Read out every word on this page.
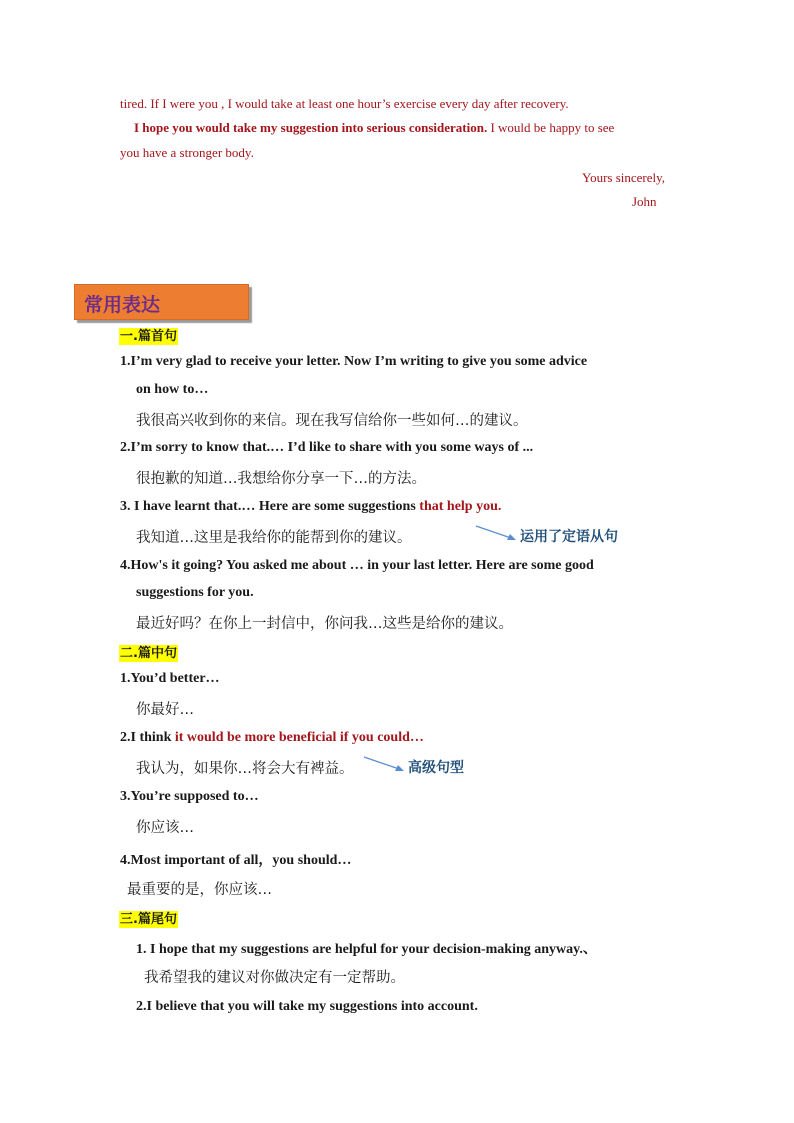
tired. If I were you , I would take at least one hour’s exercise every day after recovery.
I hope you would take my suggestion into serious consideration. I would be happy to see
you have a stronger body.
Yours sincerely,
John
常用表达
一.篇首句
1.I’m very glad to receive your letter. Now I’m writing to give you some advice
on how to…
我很高兴收到你的来信。现在我写信给你一些如何…的建议。
2.I’m sorry to know that.… I’d like to share with you some ways of ...
很抱歉的知道…我想给你分享一下…的方法。
3. I have learnt that.… Here are some suggestions that help you.
我知道…这里是我给你的能帮到你的建议。	运用了定语从句
4.How's it going? You asked me about … in your last letter. Here are some good
suggestions for you.
最近好吗？在你上一封信中，你问我…这些是给你的建议。
二.篇中句
1.You’d better…
你最好…
2.I think it would be more beneficial if you could…
我认为，如果你…将会大有裨益。	高级句型
3.You’re supposed to…
你应该…
4.Most important of all，you should…
最重要的是，你应该…
三.篇尾句
1. I hope that my suggestions are helpful for your decision-making anyway.、
我希望我的建议对你做决定有一定帮助。
2.I believe that you will take my suggestions into account.
